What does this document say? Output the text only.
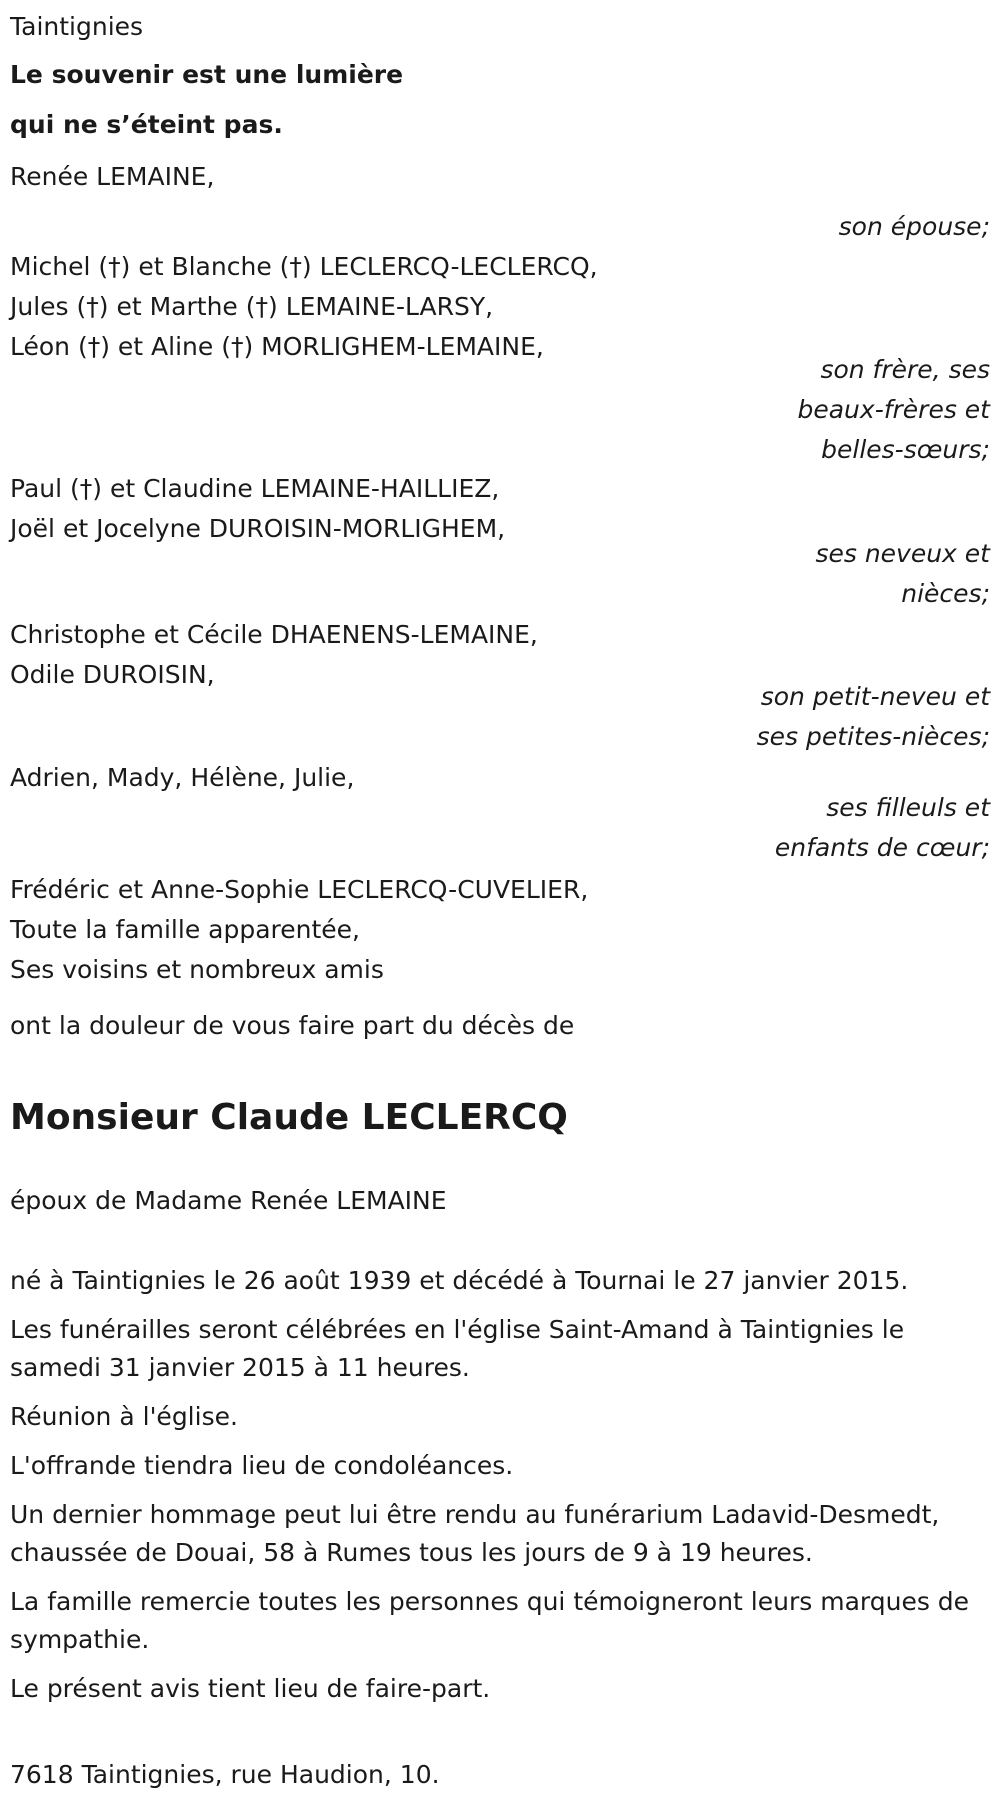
Taintignies
Le souvenir est une lumière
qui ne s’éteint pas.
Renée LEMAINE,
son épouse;
Michel (†) et Blanche (†) LECLERCQ-LECLERCQ,
Jules (†) et Marthe (†) LEMAINE-LARSY,
Léon (†) et Aline (†) MORLIGHEM-LEMAINE,
son frère, ses
beaux-frères et
belles-sœurs;
Paul (†) et Claudine LEMAINE-HAILLIEZ,
Joël et Jocelyne DUROISIN-MORLIGHEM,
ses neveux et
nièces;
Christophe et Cécile DHAENENS-LEMAINE,
Odile DUROISIN,
son petit-neveu et
ses petites-nièces;
Adrien, Mady, Hélène, Julie,
ses filleuls et
enfants de cœur;
Frédéric et Anne-Sophie LECLERCQ-CUVELIER,
Toute la famille apparentée,
Ses voisins et nombreux amis
ont la douleur de vous faire part du décès de
Monsieur Claude LECLERCQ
époux de Madame Renée LEMAINE

né à Taintignies le 26 août 1939 et décédé à Tournai le 27 janvier 2015.

Les funérailles seront célébrées en l'église Saint-Amand à Taintignies le samedi 31 janvier 2015 à 11 heures.

Réunion à l'église.

L'offrande tiendra lieu de condoléances.

Un dernier hommage peut lui être rendu au funérarium Ladavid-Desmedt, chaussée de Douai, 58 à Rumes tous les jours de 9 à 19 heures.

La famille remercie toutes les personnes qui témoigneront leurs marques de sympathie.

Le présent avis tient lieu de faire-part.

7618 Taintignies, rue Haudion, 10.
